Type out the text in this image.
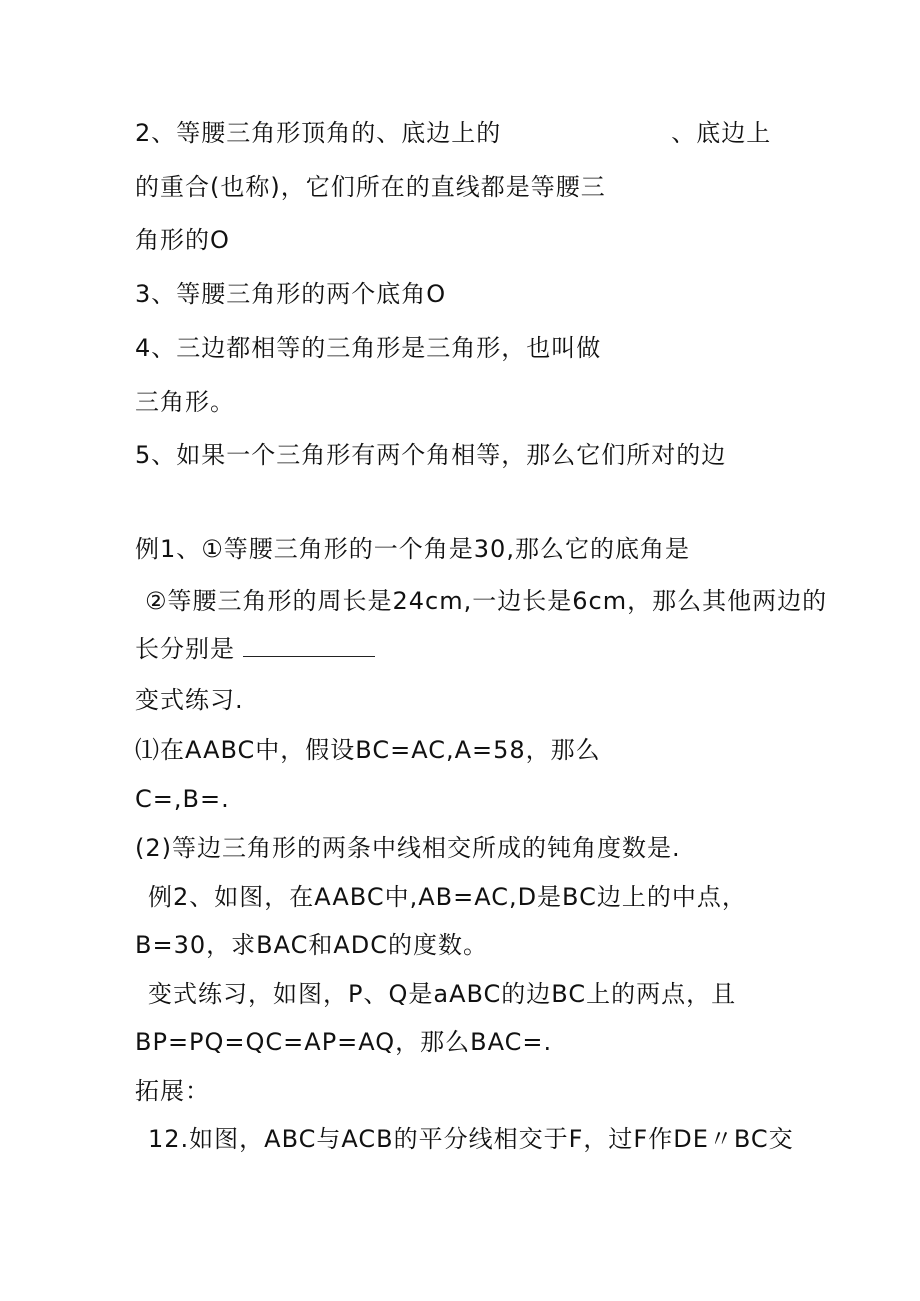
2、等腰三角形顶角的、底边上的	、底边上
的重合(也称)，它们所在的直线都是等腰三
角形的O
3、等腰三角形的两个底角O
4、三边都相等的三角形是三角形，也叫做
三角形。
5、如果一个三角形有两个角相等，那么它们所对的边
例1、①等腰三角形的一个角是30,那么它的底角是
②等腰三角形的周长是24cm,一边长是6cm，那么其他两边的
长分别是
变式练习.
⑴在AABC中，假设BC=AC,A=58，那么
C=,B=.
(2)等边三角形的两条中线相交所成的钝角度数是.
例2、如图，在AABC中,AB=AC,D是BC边上的中点，
B=30，求BAC和ADC的度数。
变式练习，如图，P、Q是aABC的边BC上的两点，且
BP=PQ=QC=AP=AQ，那么BAC=.
拓展：
12.如图，ABC与ACB的平分线相交于F，过F作DE〃BC交
